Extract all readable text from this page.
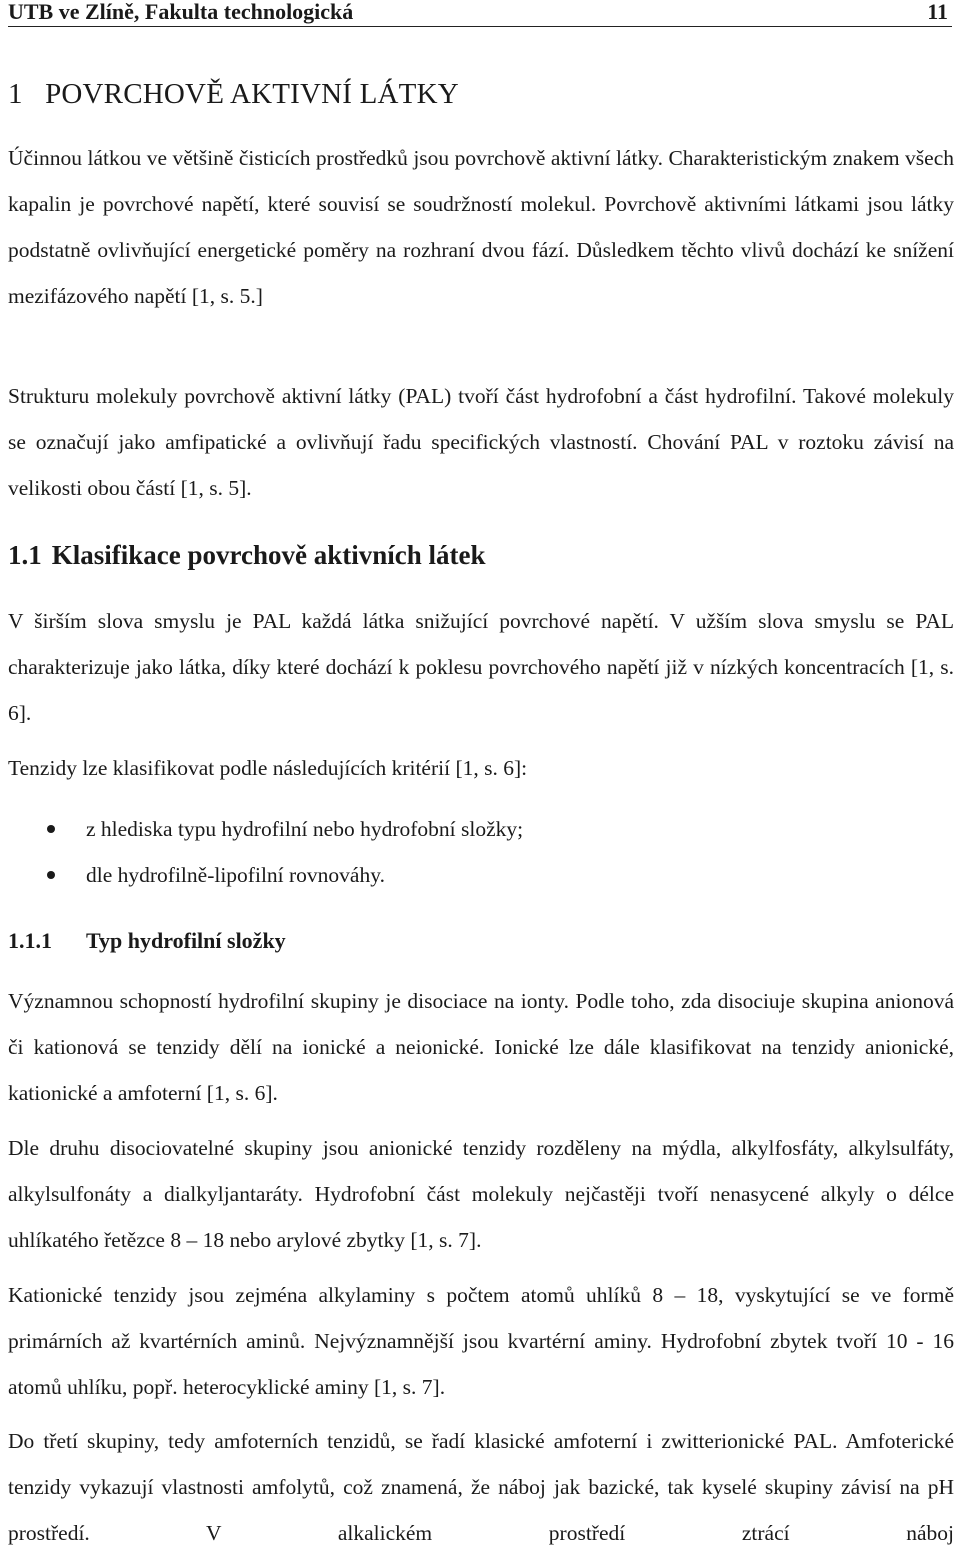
UTB ve Zlíně, Fakulta technologická	11
1 POVRCHOVĚ AKTIVNÍ LÁTKY

Účinnou látkou ve většině čisticích prostředků jsou povrchově aktivní látky. Charakteristickým znakem všech kapalin je povrchové napětí, které souvisí se soudržností molekul. Povrchově aktivními látkami jsou látky podstatně ovlivňující energetické poměry na rozhraní dvou fází. Důsledkem těchto vlivů dochází ke snížení mezifázového napětí [1, s. 5.]

Strukturu molekuly povrchově aktivní látky (PAL) tvoří část hydrofobní a část hydrofilní. Takové molekuly se označují jako amfipatické a ovlivňují řadu specifických vlastností. Chování PAL v roztoku závisí na velikosti obou částí [1, s. 5].

1.1 Klasifikace povrchově aktivních látek

V širším slova smyslu je PAL každá látka snižující povrchové napětí. V užším slova smyslu se PAL charakterizuje jako látka, díky které dochází k poklesu povrchového napětí již v nízkých koncentracích [1, s. 6].

Tenzidy lze klasifikovat podle následujících kritérií [1, s. 6]:

z hlediska typu hydrofilní nebo hydrofobní složky;
dle hydrofilně-lipofilní rovnováhy.
1.1.1 Typ hydrofilní složky

Významnou schopností hydrofilní skupiny je disociace na ionty. Podle toho, zda disociuje skupina anionová či kationová se tenzidy dělí na ionické a neionické. Ionické lze dále klasifikovat na tenzidy anionické, kationické a amfoterní [1, s. 6].

Dle druhu disociovatelné skupiny jsou anionické tenzidy rozděleny na mýdla, alkylfosfáty, alkylsulfáty, alkylsulfonáty a dialkyljantaráty. Hydrofobní část molekuly nejčastěji tvoří nenasycené alkyly o délce uhlíkatého řetězce 8 – 18 nebo arylové zbytky [1, s. 7].

Kationické tenzidy jsou zejména alkylaminy s počtem atomů uhlíků 8 – 18, vyskytující se ve formě primárních až kvartérních aminů. Nejvýznamnější jsou kvartérní aminy. Hydrofobní zbytek tvoří 10 - 16 atomů uhlíku, popř. heterocyklické aminy [1, s. 7].

Do třetí skupiny, tedy amfoterních tenzidů, se řadí klasické amfoterní i zwitterionické PAL. Amfoterické tenzidy vykazují vlastnosti amfolytů, což znamená, že náboj jak bazické, tak kyselé skupiny závisí na pH prostředí. V alkalickém prostředí ztrácí náboj
